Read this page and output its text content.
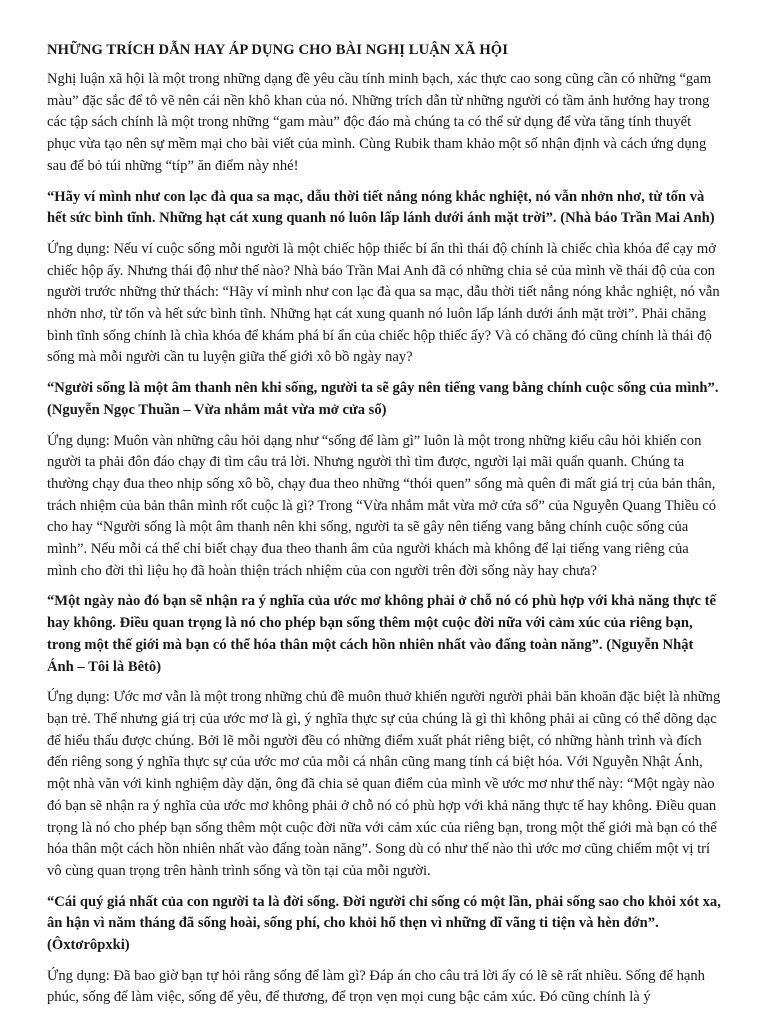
NHỮNG TRÍCH DẪN HAY ÁP DỤNG CHO BÀI NGHỊ LUẬN XÃ HỘI

Nghị luận xã hội là một trong những dạng đề yêu cầu tính minh bạch, xác thực cao song cũng cần có những “gam màu” đặc sắc để tô vẽ nên cái nền khô khan của nó. Những trích dẫn từ những người có tầm ảnh hưởng hay trong các tập sách chính là một trong những “gam màu” độc đáo mà chúng ta có thể sử dụng để vừa tăng tính thuyết phục vừa tạo nên sự mềm mại cho bài viết của mình. Cùng Rubik tham khảo một số nhận định và cách ứng dụng sau để bỏ túi những “típ” ăn điểm này nhé!

“Hãy ví mình như con lạc đà qua sa mạc, dẫu thời tiết nắng nóng khắc nghiệt, nó vẫn nhởn nhơ, từ tốn và hết sức bình tĩnh. Những hạt cát xung quanh nó luôn lấp lánh dưới ánh mặt trời”. (Nhà báo Trần Mai Anh)

Ứng dụng: Nếu ví cuộc sống mỗi người là một chiếc hộp thiếc bí ẩn thì thái độ chính là chiếc chìa khóa để cạy mở chiếc hộp ấy. Nhưng thái độ như thế nào? Nhà báo Trần Mai Anh đã có những chia sẻ của mình về thái độ của con người trước những thử thách: “Hãy ví mình như con lạc đà qua sa mạc, dẫu thời tiết nắng nóng khắc nghiệt, nó vẫn nhởn nhơ, từ tốn và hết sức bình tĩnh. Những hạt cát xung quanh nó luôn lấp lánh dưới ánh mặt trời”. Phải chăng bình tĩnh sống chính là chìa khóa để khám phá bí ẩn của chiếc hộp thiếc ấy? Và có chăng đó cũng chính là thái độ sống mà mỗi người cần tu luyện giữa thế giới xô bồ ngày nay?

“Người sống là một âm thanh nên khi sống, người ta sẽ gây nên tiếng vang bằng chính cuộc sống của mình”. (Nguyễn Ngọc Thuần – Vừa nhắm mắt vừa mở cửa sổ)

Ứng dụng: Muôn vàn những câu hỏi dạng như “sống để làm gì” luôn là một trong những kiểu câu hỏi khiến con người ta phải đôn đáo chạy đi tìm câu trả lời. Nhưng người thì tìm được, người lại mãi quẩn quanh. Chúng ta thường chạy đua theo nhịp sống xô bồ, chạy đua theo những “thói quen” sống mà quên đi mất giá trị của bản thân, trách nhiệm của bản thân mình rốt cuộc là gì? Trong “Vừa nhắm mắt vừa mở cửa sổ” của Nguyễn Quang Thiều có cho hay “Người sống là một âm thanh nên khi sống, người ta sẽ gây nên tiếng vang bằng chính cuộc sống của mình”. Nếu mỗi cá thể chỉ biết chạy đua theo thanh âm của người khách mà không để lại tiếng vang riêng của mình cho đời thì liệu họ đã hoàn thiện trách nhiệm của con người trên đời sống này hay chưa?

“Một ngày nào đó bạn sẽ nhận ra ý nghĩa của ước mơ không phải ở chỗ nó có phù hợp với khả năng thực tế hay không. Điều quan trọng là nó cho phép bạn sống thêm một cuộc đời nữa với cảm xúc của riêng bạn, trong một thế giới mà bạn có thể hóa thân một cách hồn nhiên nhất vào đấng toàn năng”. (Nguyễn Nhật Ánh – Tôi là Bêtô)

Ứng dụng: Ước mơ vẫn là một trong những chủ đề muôn thuở khiến người người phải băn khoăn đặc biệt là những bạn trẻ. Thế nhưng giá trị của ước mơ là gì, ý nghĩa thực sự của chúng là gì thì không phải ai cũng có thể dõng dạc để hiểu thấu được chúng. Bởi lẽ mỗi người đều có những điểm xuất phát riêng biệt, có những hành trình và đích đến riêng song ý nghĩa thực sự của ước mơ của mỗi cá nhân cũng mang tính cá biệt hóa. Với Nguyễn Nhật Ánh, một nhà văn với kinh nghiệm dày dặn, ông đã chia sẻ quan điểm của mình về ước mơ như thế này: “Một ngày nào đó bạn sẽ nhận ra ý nghĩa của ước mơ không phải ở chỗ nó có phù hợp với khả năng thực tế hay không. Điều quan trọng là nó cho phép bạn sống thêm một cuộc đời nữa với cảm xúc của riêng bạn, trong một thế giới mà bạn có thể hóa thân một cách hồn nhiên nhất vào đấng toàn năng”. Song dù có như thế nào thì ước mơ cũng chiếm một vị trí vô cùng quan trọng trên hành trình sống và tồn tại của mỗi người.

“Cái quý giá nhất của con người ta là đời sống. Đời người chỉ sống có một lần, phải sống sao cho khỏi xót xa, ân hận vì năm tháng đã sống hoài, sống phí, cho khỏi hổ thẹn vì những dĩ vãng ti tiện và hèn đớn”. (Ôxtơrôpxki)

Ứng dụng: Đã bao giờ bạn tự hỏi rằng sống để làm gì? Đáp án cho câu trả lời ấy có lẽ sẽ rất nhiều. Sống để hạnh phúc, sống để làm việc, sống để yêu, để thương, để trọn vẹn mọi cung bậc cảm xúc. Đó cũng chính là ý
